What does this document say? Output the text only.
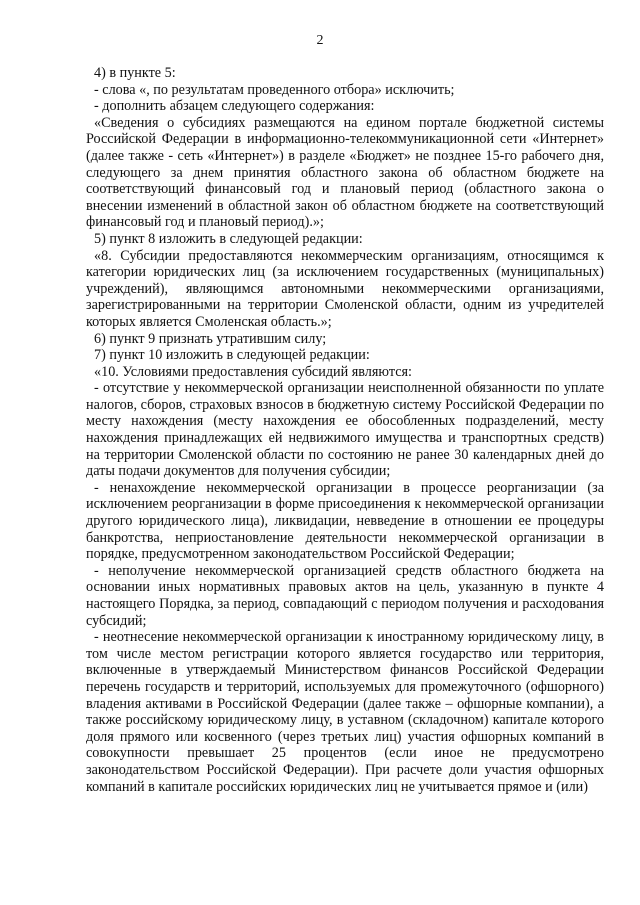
2

4) в пункте 5:

- слова «, по результатам проведенного отбора» исключить;

- дополнить абзацем следующего содержания:

«Сведения о субсидиях размещаются на едином портале бюджетной системы Российской Федерации в информационно-телекоммуникационной сети «Интернет» (далее также - сеть «Интернет») в разделе «Бюджет» не позднее 15-го рабочего дня, следующего за днем принятия областного закона об областном бюджете на соответствующий финансовый год и плановый период (областного закона о внесении изменений в областной закон об областном бюджете на соответствующий финансовый год и плановый период).»;

5) пункт 8 изложить в следующей редакции:

«8. Субсидии предоставляются некоммерческим организациям, относящимся к категории юридических лиц (за исключением государственных (муниципальных) учреждений), являющимся автономными некоммерческими организациями, зарегистрированными на территории Смоленской области, одним из учредителей которых является Смоленская область.»;

6) пункт 9 признать утратившим силу;

7) пункт 10 изложить в следующей редакции:

«10. Условиями предоставления субсидий являются:

- отсутствие у некоммерческой организации неисполненной обязанности по уплате налогов, сборов, страховых взносов в бюджетную систему Российской Федерации по месту нахождения (месту нахождения ее обособленных подразделений, месту нахождения принадлежащих ей недвижимого имущества и транспортных средств) на территории Смоленской области по состоянию не ранее 30 календарных дней до даты подачи документов для получения субсидии;

- ненахождение некоммерческой организации в процессе реорганизации (за исключением реорганизации в форме присоединения к некоммерческой организации другого юридического лица), ликвидации, невведение в отношении ее процедуры банкротства, неприостановление деятельности некоммерческой организации в порядке, предусмотренном законодательством Российской Федерации;

- неполучение некоммерческой организацией средств областного бюджета на основании иных нормативных правовых актов на цель, указанную в пункте 4 настоящего Порядка, за период, совпадающий с периодом получения и расходования субсидий;

- неотнесение некоммерческой организации к иностранному юридическому лицу, в том числе местом регистрации которого является государство или территория, включенные в утверждаемый Министерством финансов Российской Федерации перечень государств и территорий, используемых для промежуточного (офшорного) владения активами в Российской Федерации (далее также – офшорные компании), а также российскому юридическому лицу, в уставном (складочном) капитале которого доля прямого или косвенного (через третьих лиц) участия офшорных компаний в совокупности превышает 25 процентов (если иное не предусмотрено законодательством Российской Федерации). При расчете доли участия офшорных компаний в капитале российских юридических лиц не учитывается прямое и (или)
